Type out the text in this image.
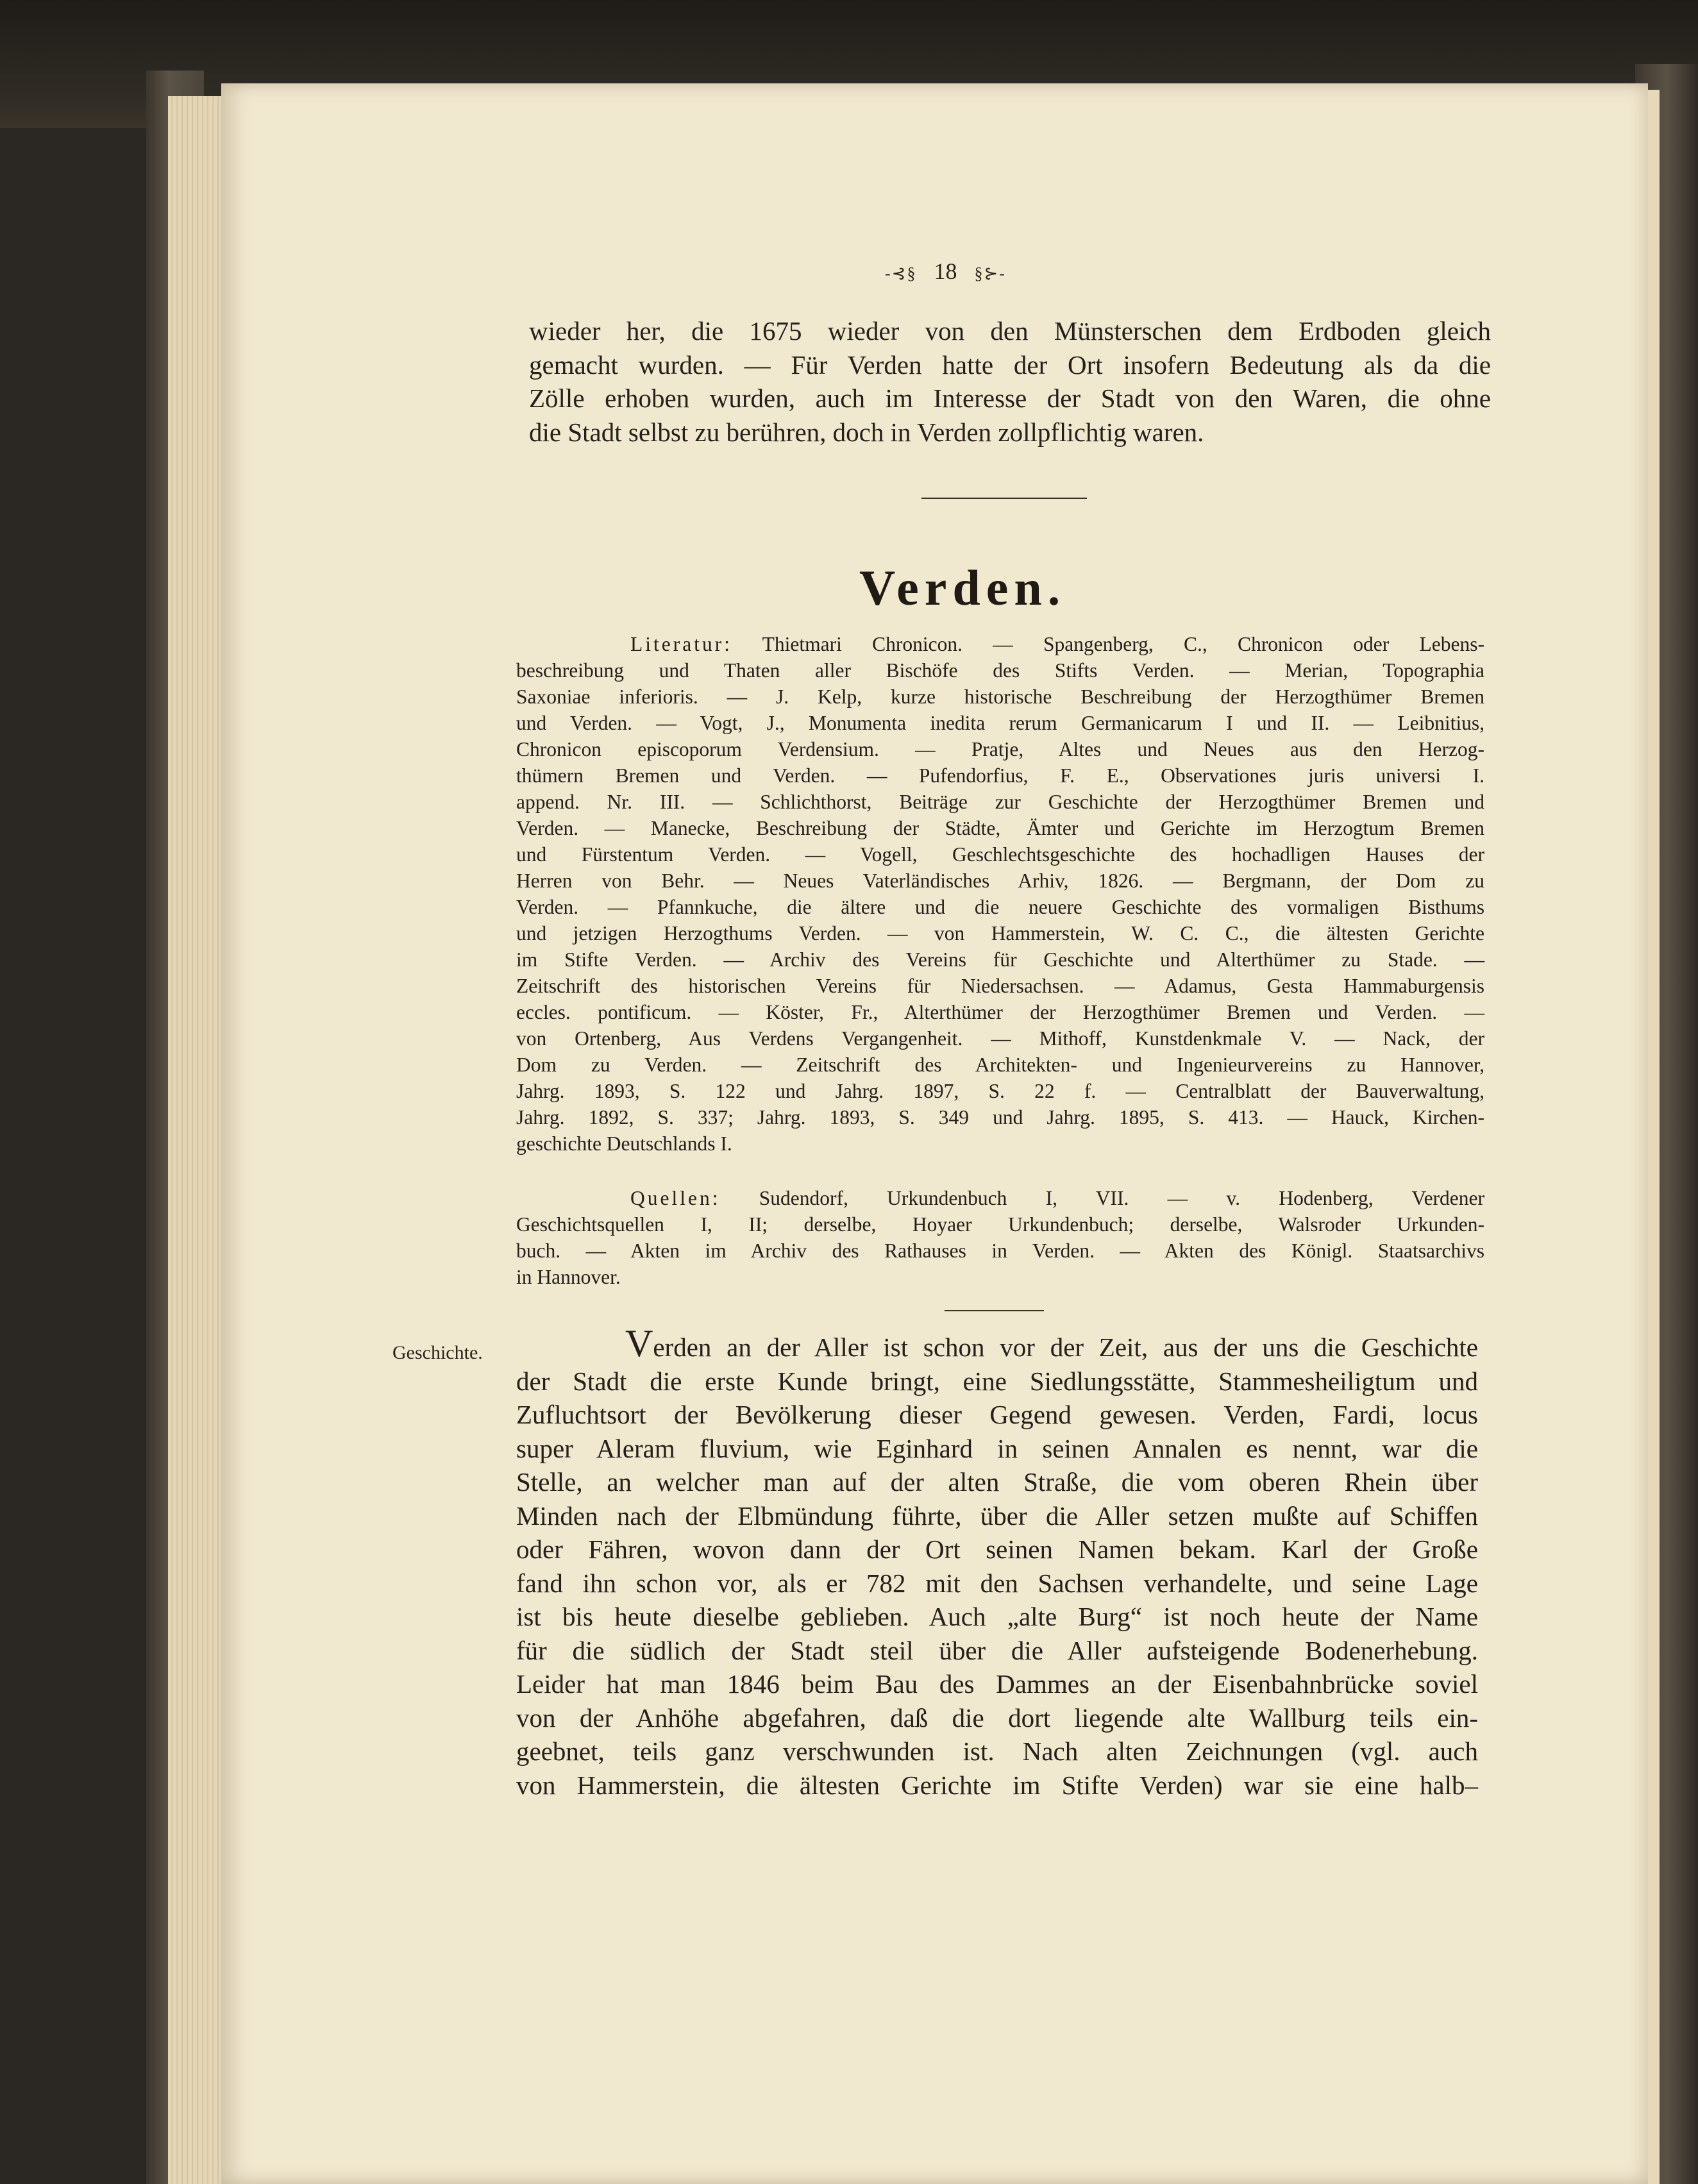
-⊰§ 18 §⊱-
wieder her, die 1675 wieder von den Münsterschen dem Erdboden gleich
gemacht wurden. — Für Verden hatte der Ort insofern Bedeutung als da die
Zölle erhoben wurden, auch im Interesse der Stadt von den Waren, die ohne
die Stadt selbst zu berühren, doch in Verden zollpflichtig waren.
Verden.
Literatur: Thietmari Chronicon. — Spangenberg, C., Chronicon oder Lebens-
beschreibung und Thaten aller Bischöfe des Stifts Verden. — Merian, Topographia
Saxoniae inferioris. — J. Kelp, kurze historische Beschreibung der Herzogthümer Bremen
und Verden. — Vogt, J., Monumenta inedita rerum Germanicarum I und II. — Leibnitius,
Chronicon episcoporum Verdensium. — Pratje, Altes und Neues aus den Herzog-
thümern Bremen und Verden. — Pufendorfius, F. E., Observationes juris universi I.
append. Nr. III. — Schlichthorst, Beiträge zur Geschichte der Herzogthümer Bremen und
Verden. — Manecke, Beschreibung der Städte, Ämter und Gerichte im Herzogtum Bremen
und Fürstentum Verden. — Vogell, Geschlechtsgeschichte des hochadligen Hauses der
Herren von Behr. — Neues Vaterländisches Arhiv, 1826. — Bergmann, der Dom zu
Verden. — Pfannkuche, die ältere und die neuere Geschichte des vormaligen Bisthums
und jetzigen Herzogthums Verden. — von Hammerstein, W. C. C., die ältesten Gerichte
im Stifte Verden. — Archiv des Vereins für Geschichte und Alterthümer zu Stade. —
Zeitschrift des historischen Vereins für Niedersachsen. — Adamus, Gesta Hammaburgensis
eccles. pontificum. — Köster, Fr., Alterthümer der Herzogthümer Bremen und Verden. —
von Ortenberg, Aus Verdens Vergangenheit. — Mithoff, Kunstdenkmale V. — Nack, der
Dom zu Verden. — Zeitschrift des Architekten- und Ingenieurvereins zu Hannover,
Jahrg. 1893, S. 122 und Jahrg. 1897, S. 22 f. — Centralblatt der Bauverwaltung,
Jahrg. 1892, S. 337; Jahrg. 1893, S. 349 und Jahrg. 1895, S. 413. — Hauck, Kirchen-
geschichte Deutschlands I.
Quellen: Sudendorf, Urkundenbuch I, VII. — v. Hodenberg, Verdener
Geschichtsquellen I, II; derselbe, Hoyaer Urkundenbuch; derselbe, Walsroder Urkunden-
buch. — Akten im Archiv des Rathauses in Verden. — Akten des Königl. Staatsarchivs
in Hannover.
Geschichte.	Verden an der Aller ist schon vor der Zeit, aus der uns die Geschichte
der Stadt die erste Kunde bringt, eine Siedlungsstätte, Stammesheiligtum und
Zufluchtsort der Bevölkerung dieser Gegend gewesen. Verden, Fardi, locus
super Aleram fluvium, wie Eginhard in seinen Annalen es nennt, war die
Stelle, an welcher man auf der alten Straße, die vom oberen Rhein über
Minden nach der Elbmündung führte, über die Aller setzen mußte auf Schiffen
oder Fähren, wovon dann der Ort seinen Namen bekam. Karl der Große
fand ihn schon vor, als er 782 mit den Sachsen verhandelte, und seine Lage
ist bis heute dieselbe geblieben. Auch „alte Burg“ ist noch heute der Name
für die südlich der Stadt steil über die Aller aufsteigende Bodenerhebung.
Leider hat man 1846 beim Bau des Dammes an der Eisenbahnbrücke soviel
von der Anhöhe abgefahren, daß die dort liegende alte Wallburg teils ein-
geebnet, teils ganz verschwunden ist. Nach alten Zeichnungen (vgl. auch
von Hammerstein, die ältesten Gerichte im Stifte Verden) war sie eine halb–
